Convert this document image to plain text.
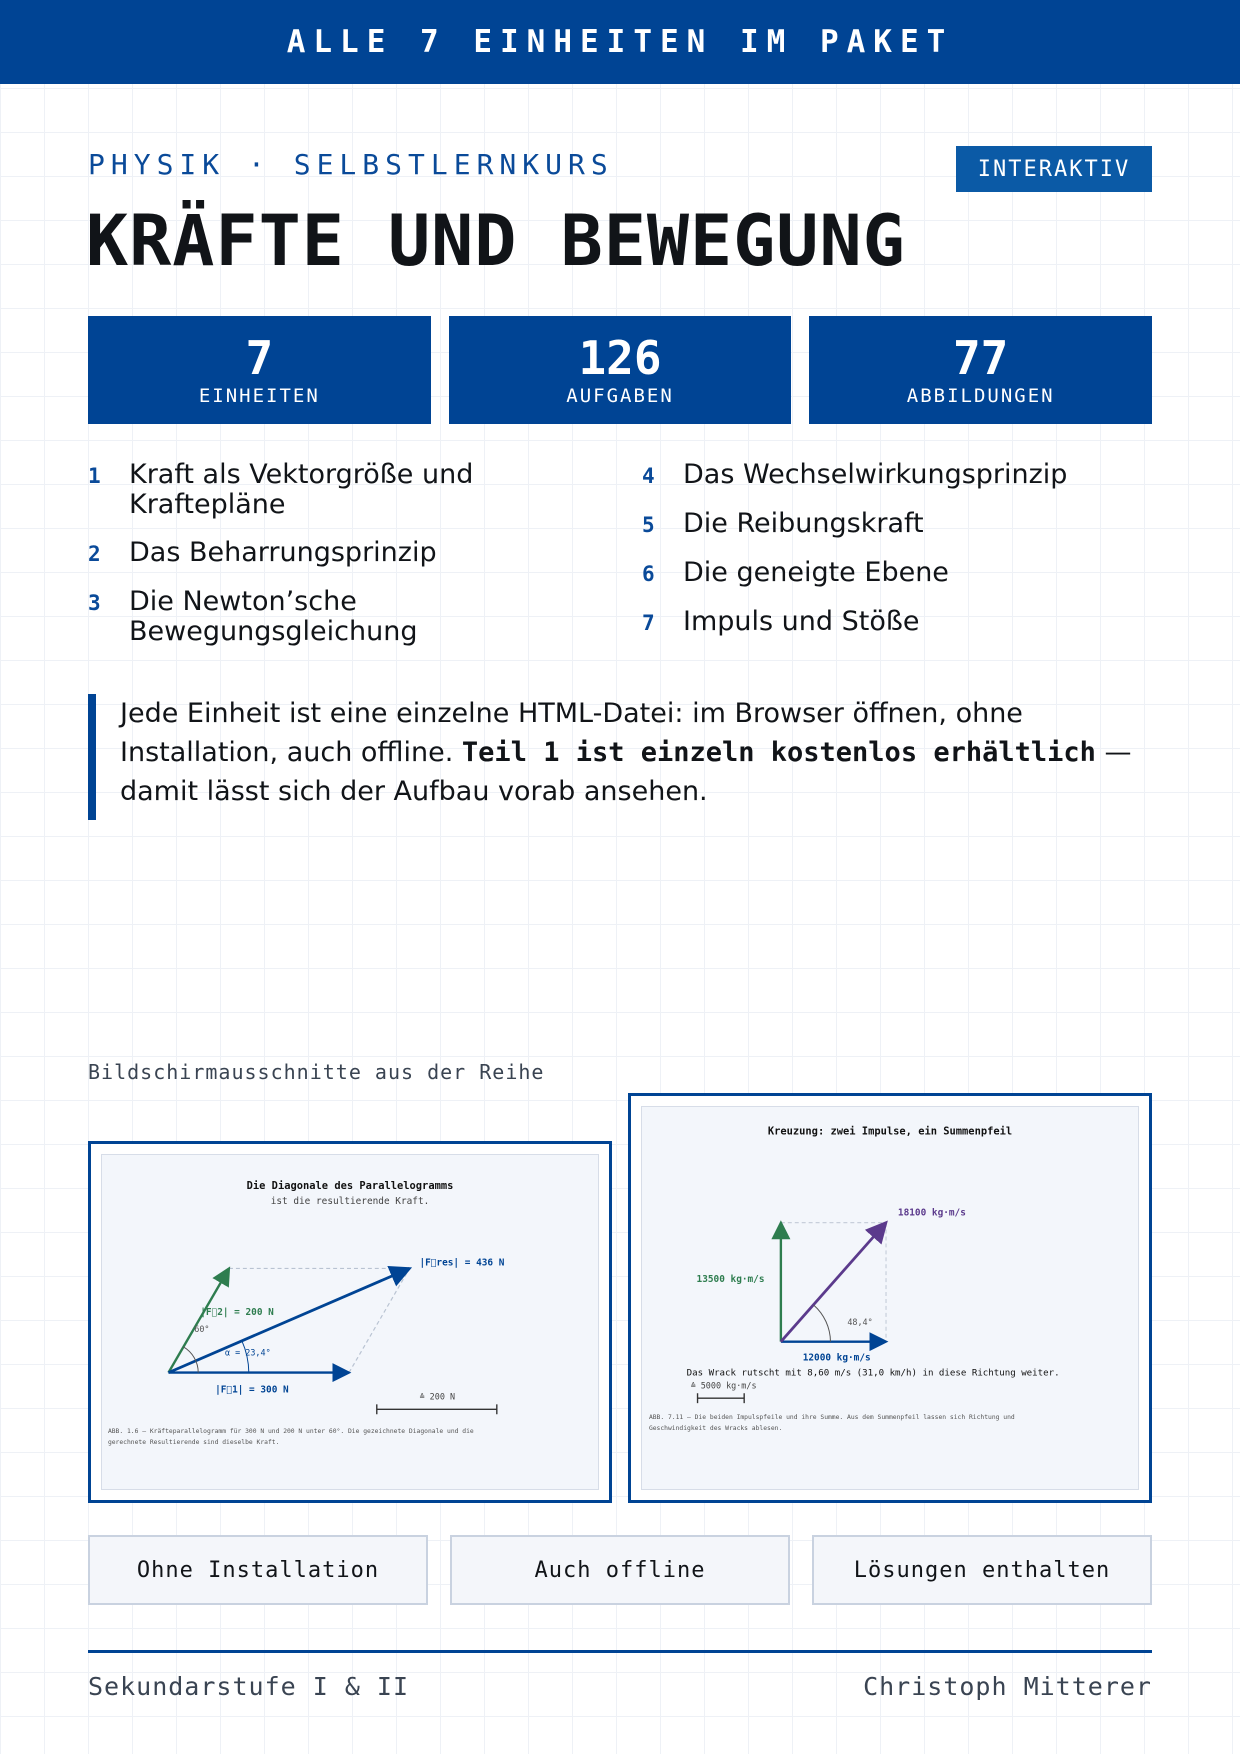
ALLE 7 EINHEITEN IM PAKET
PHYSIK · SELBSTLERNKURS	INTERAKTIV
KRÄFTE UND BEWEGUNG
7
EINHEITEN
126
AUFGABEN
77
ABBILDUNGEN
1	Kraft als Vektorgröße und Kraftepläne
2	Das Beharrungsprinzip
3	Die Newton’sche Bewegungsgleichung
4	Das Wechselwirkungsprinzip
5	Die Reibungskraft
6	Die geneigte Ebene
7	Impuls und Stöße
Jede Einheit ist eine einzelne HTML-Datei: im Browser öffnen, ohne Installation, auch offline. Teil 1 ist einzeln kostenlos erhältlich — damit lässt sich der Aufbau vorab ansehen.
Bildschirmausschnitte aus der Reihe
Die Diagonale des Parallelogramms
ist die resultierende Kraft.
|F⃗res| = 436 N
|F⃗2| = 200 N
60°
α = 23,4°
|F⃗1| = 300 N
≙ 200 N
ABB. 1.6 – Kräfteparallelogramm für 300 N und 200 N unter 60°. Die gezeichnete Diagonale und die
gerechnete Resultierende sind dieselbe Kraft.
Kreuzung: zwei Impulse, ein Summenpfeil
18100 kg·m/s
13500 kg·m/s
48,4°
12000 kg·m/s
Das Wrack rutscht mit 8,60 m/s (31,0 km/h) in diese Richtung weiter.
≙ 5000 kg·m/s
ABB. 7.11 – Die beiden Impulspfeile und ihre Summe. Aus dem Summenpfeil lassen sich Richtung und
Geschwindigkeit des Wracks ablesen.
Ohne Installation	Auch offline	Lösungen enthalten
Sekundarstufe I & II	Christoph Mitterer
